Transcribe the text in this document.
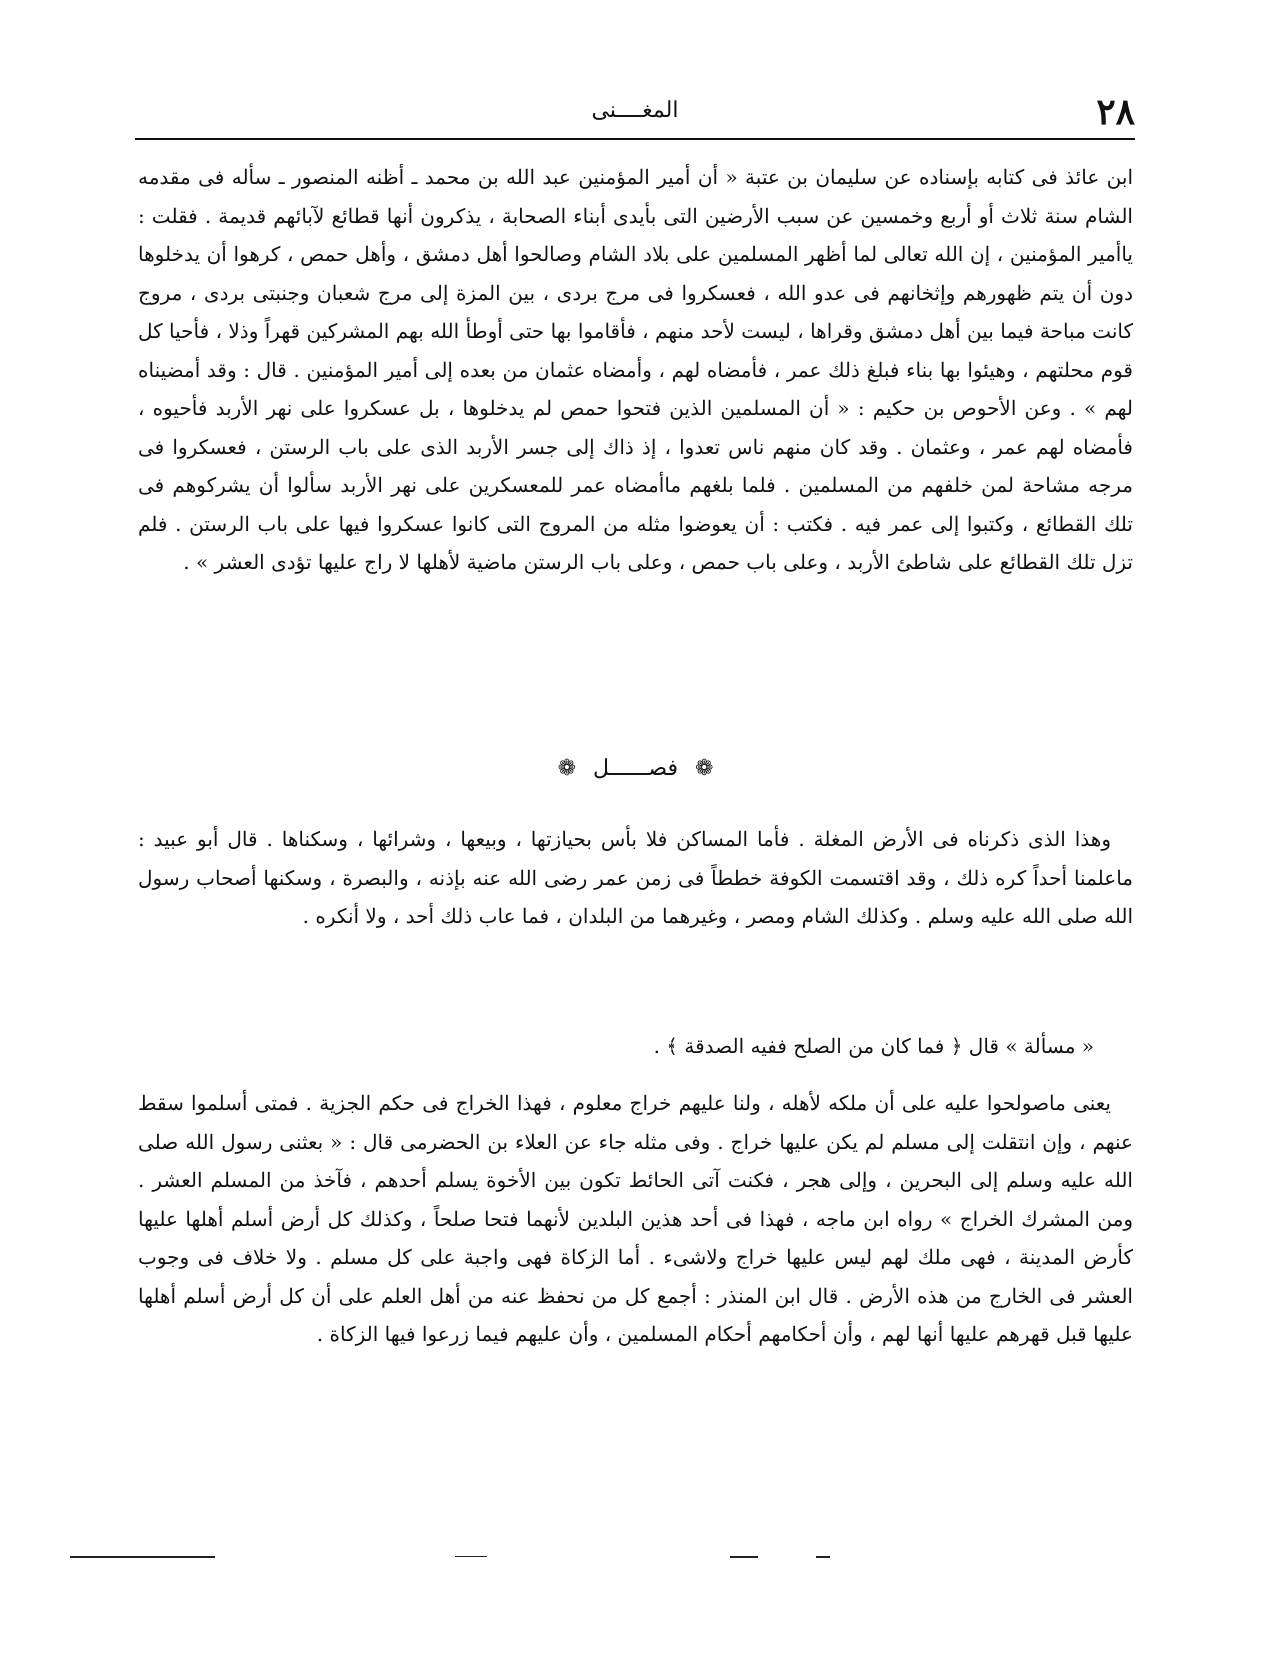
٢٨
المغــــنى

ابن عائذ فى كتابه بإسناده عن سليمان بن عتبة « أن أمير المؤمنين عبد الله بن محمد ـ أظنه المنصور ـ سأله فى مقدمه الشام سنة ثلاث أو أربع وخمسين عن سبب الأرضين التى بأيدى أبناء الصحابة ، يذكرون أنها قطائع لآبائهم قديمة . فقلت : ياأمير المؤمنين ، إن الله تعالى لما أظهر المسلمين على بلاد الشام وصالحوا أهل دمشق ، وأهل حمص ، كرهوا أن يدخلوها دون أن يتم ظهورهم وإثخانهم فى عدو الله ، فعسكروا فى مرج بردى ، بين المزة إلى مرج شعبان وجنبتى بردى ، مروج كانت مباحة فيما بين أهل دمشق وقراها ، ليست لأحد منهم ، فأقاموا بها حتى أوطأ الله بهم المشركين قهراً وذلا ، فأحيا كل قوم محلتهم ، وهيئوا بها بناء فبلغ ذلك عمر ، فأمضاه لهم ، وأمضاه عثمان من بعده إلى أمير المؤمنين . قال : وقد أمضيناه لهم » . وعن الأحوص بن حكيم : « أن المسلمين الذين فتحوا حمص لم يدخلوها ، بل عسكروا على نهر الأربد فأحيوه ، فأمضاه لهم عمر ، وعثمان . وقد كان منهم ناس تعدوا ، إذ ذاك إلى جسر الأربد الذى على باب الرستن ، فعسكروا فى مرجه مشاحة لمن خلفهم من المسلمين . فلما بلغهم ماأمضاه عمر للمعسكرين على نهر الأربد سألوا أن يشركوهم فى تلك القطائع ، وكتبوا إلى عمر فيه . فكتب : أن يعوضوا مثله من المروج التى كانوا عسكروا فيها على باب الرستن . فلم تزل تلك القطائع على شاطئ الأربد ، وعلى باب حمص ، وعلى باب الرستن ماضية لأهلها لا راج عليها تؤدى العشر » .

❁ فصــــــل ❁

وهذا الذى ذكرناه فى الأرض المغلة . فأما المساكن فلا بأس بحيازتها ، وبيعها ، وشرائها ، وسكناها . قال أبو عبيد : ماعلمنا أحداً كره ذلك ، وقد اقتسمت الكوفة خططاً فى زمن عمر رضى الله عنه بإذنه ، والبصرة ، وسكنها أصحاب رسول الله صلى الله عليه وسلم . وكذلك الشام ومصر ، وغيرهما من البلدان ، فما عاب ذلك أحد ، ولا أنكره .

« مسألة » قال ﴿ فما كان من الصلح ففيه الصدقة ﴾ .

يعنى ماصولحوا عليه على أن ملكه لأهله ، ولنا عليهم خراج معلوم ، فهذا الخراج فى حكم الجزية . فمتى أسلموا سقط عنهم ، وإن انتقلت إلى مسلم لم يكن عليها خراج . وفى مثله جاء عن العلاء بن الحضرمى قال : « بعثنى رسول الله صلى الله عليه وسلم إلى البحرين ، وإلى هجر ، فكنت آتى الحائط تكون بين الأخوة يسلم أحدهم ، فآخذ من المسلم العشر . ومن المشرك الخراج » رواه ابن ماجه ، فهذا فى أحد هذين البلدين لأنهما فتحا صلحاً ، وكذلك كل أرض أسلم أهلها عليها كأرض المدينة ، فهى ملك لهم ليس عليها خراج ولاشىء . أما الزكاة فهى واجبة على كل مسلم . ولا خلاف فى وجوب العشر فى الخارج من هذه الأرض . قال ابن المنذر : أجمع كل من نحفظ عنه من أهل العلم على أن كل أرض أسلم أهلها عليها قبل قهرهم عليها أنها لهم ، وأن أحكامهم أحكام المسلمين ، وأن عليهم فيما زرعوا فيها الزكاة .
